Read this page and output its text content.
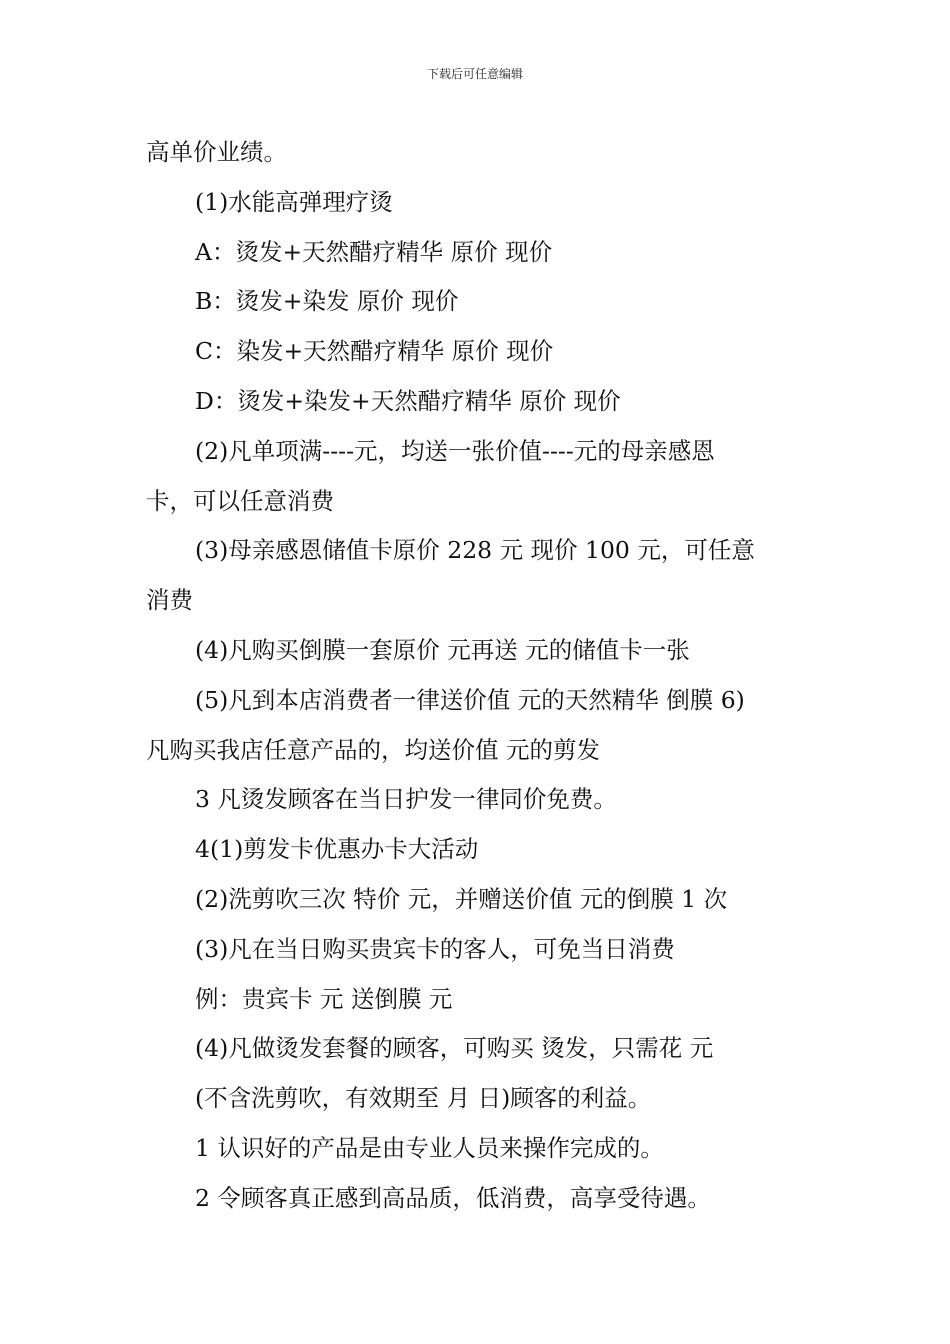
下载后可任意编辑
高单价业绩。
(1)水能高弹理疗烫
A：烫发+天然醋疗精华 原价 现价
B：烫发+染发 原价 现价
C：染发+天然醋疗精华 原价 现价
D：烫发+染发+天然醋疗精华 原价 现价
(2)凡单项满----元，均送一张价值----元的母亲感恩
卡，可以任意消费
(3)母亲感恩储值卡原价 228 元 现价 100 元，可任意
消费
(4)凡购买倒膜一套原价 元再送 元的储值卡一张
(5)凡到本店消费者一律送价值 元的天然精华 倒膜 6)
凡购买我店任意产品的，均送价值 元的剪发
3 凡烫发顾客在当日护发一律同价免费。
4(1)剪发卡优惠办卡大活动
(2)洗剪吹三次 特价 元，并赠送价值 元的倒膜 1 次
(3)凡在当日购买贵宾卡的客人，可免当日消费
例：贵宾卡 元 送倒膜 元
(4)凡做烫发套餐的顾客，可购买 烫发，只需花 元
(不含洗剪吹，有效期至 月 日)顾客的利益。
1 认识好的产品是由专业人员来操作完成的。
2 令顾客真正感到高品质，低消费，高享受待遇。
